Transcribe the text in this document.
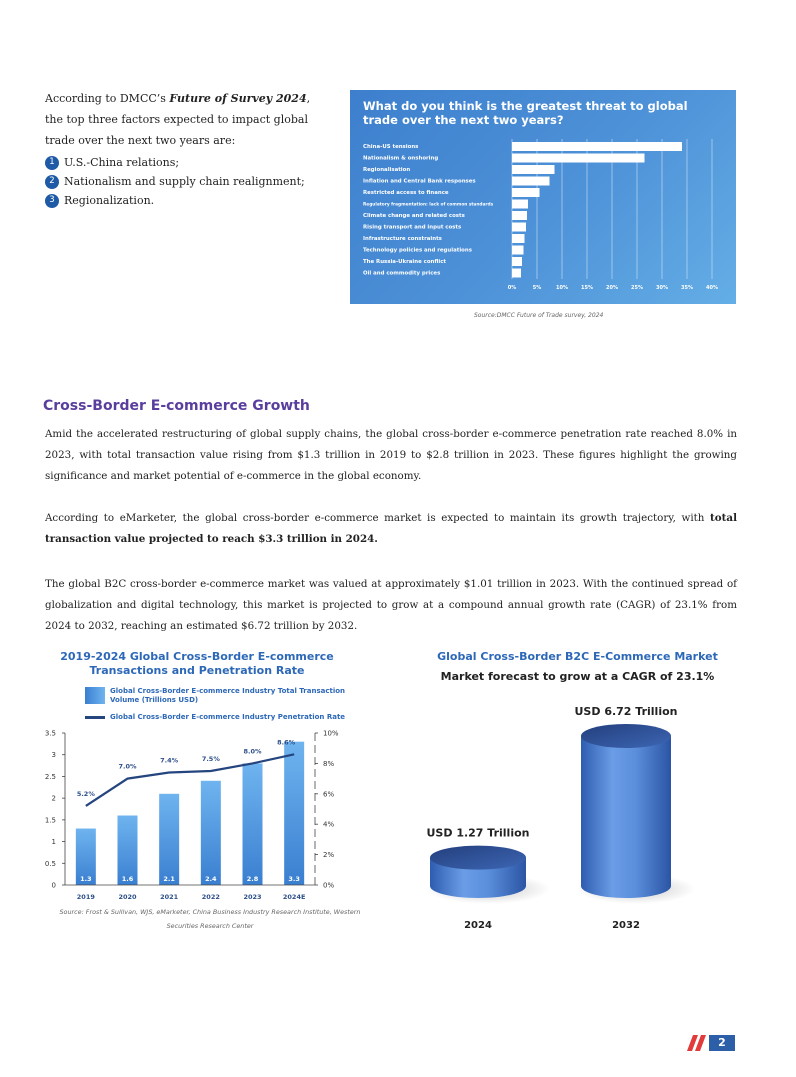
According to DMCC’s Future of Survey 2024, the top three factors expected to impact global trade over the next two years are:
1 U.S.-China relations;
2 Nationalism and supply chain realignment;
3 Regionalization.
What do you think is the greatest threat to global trade over the next two years?
0%	5%	10%	15%	20%	25%	30%	35%	40%
China-US tensions
Nationalism & onshoring
Regionalisation
Inflation and Central Bank responses
Restricted access to finance
Regulatory fragmentation: lack of common standards
Climate change and related costs
Rising transport and input costs
Infrastructure constraints
Technology policies and regulations
The Russia-Ukraine conflict
Oil and commodity prices
Source:DMCC Future of Trade survey, 2024
Cross-Border E-commerce Growth
Amid the accelerated restructuring of global supply chains, the global cross-border e-commerce penetration rate reached 8.0% in 2023, with total transaction value rising from $1.3 trillion in 2019 to $2.8 trillion in 2023. These figures highlight the growing significance and market potential of e-commerce in the global economy.
According to eMarketer, the global cross-border e-commerce market is expected to maintain its growth trajectory, with total transaction value projected to reach $3.3 trillion in 2024.
The global B2C cross-border e-commerce market was valued at approximately $1.01 trillion in 2023. With the continued spread of globalization and digital technology, this market is projected to grow at a compound annual growth rate (CAGR) of 23.1% from 2024 to 2032, reaching an estimated $6.72 trillion by 2032.
2019-2024 Global Cross-Border E-commerce Transactions and Penetration Rate
Global Cross-Border E-commerce Industry Total Transaction Volume (Trillions USD)
Global Cross-Border E-commerce Industry Penetration Rate
0
0.5
1
1.5
2
2.5
3
3.5
0%
2%
4%
6%
8%
10%
1.3
2019
1.6
2020
2.1
2021
2.4
2022
2.8
2023
3.3
2024E
5.2%
7.0%
7.4%	7.5%
8.0%
8.6%
Source: Frost & Sullivan, WJS, eMarketer, China Business Industry Research Institute, Western Securities Research Center
Global Cross-Border B2C E-Commerce Market
Market forecast to grow at a CAGR of 23.1%
USD 1.27 Trillion
2024
USD 6.72 Trillion
2032
2
